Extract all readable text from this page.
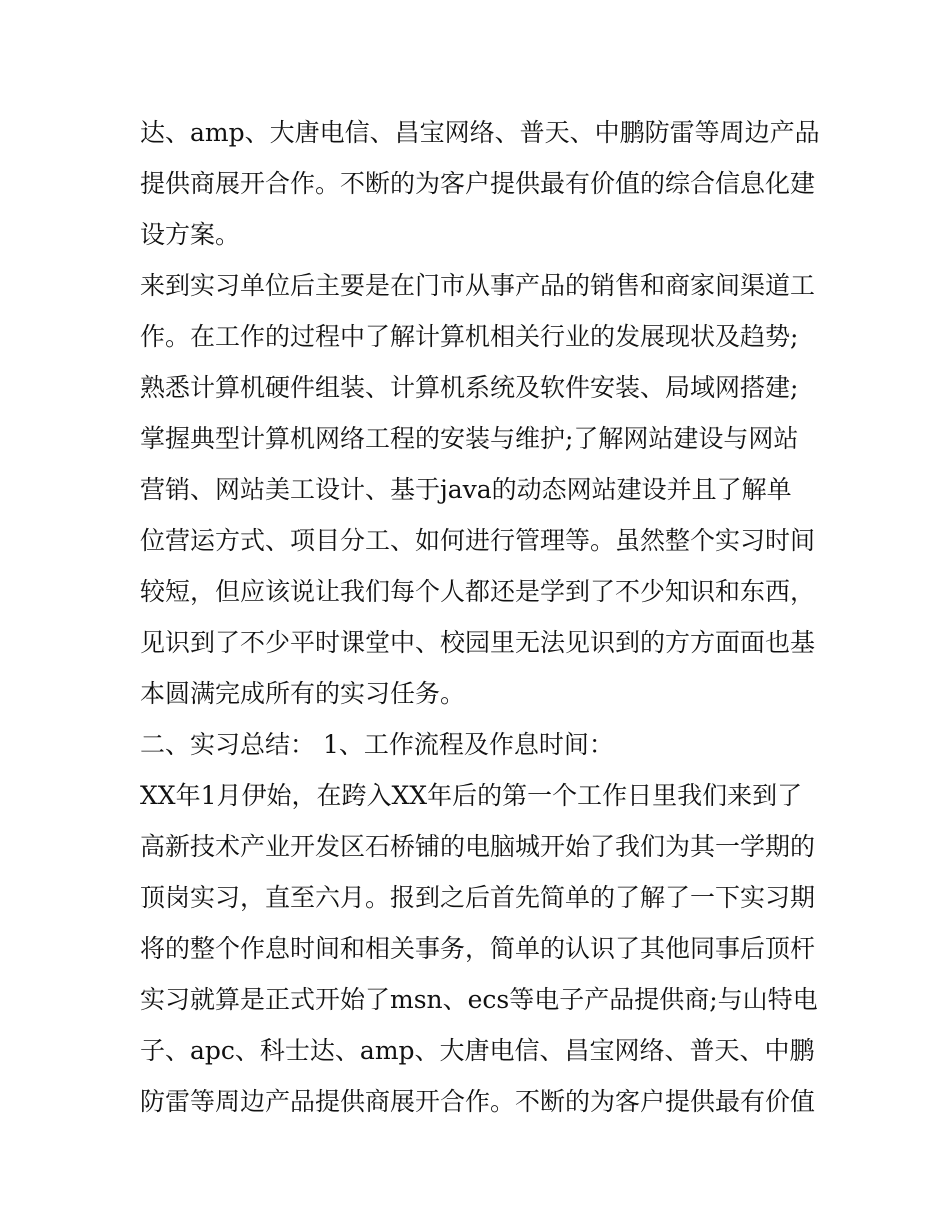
达、amp、大唐电信、昌宝网络、普天、中鹏防雷等周边产品
提供商展开合作。不断的为客户提供最有价值的综合信息化建
设方案。
来到实习单位后主要是在门市从事产品的销售和商家间渠道工
作。在工作的过程中了解计算机相关行业的发展现状及趋势;
熟悉计算机硬件组装、计算机系统及软件安装、局域网搭建;
掌握典型计算机网络工程的安装与维护;了解网站建设与网站
营销、网站美工设计、基于java的动态网站建设并且了解单
位营运方式、项目分工、如何进行管理等。虽然整个实习时间
较短，但应该说让我们每个人都还是学到了不少知识和东西，
见识到了不少平时课堂中、校园里无法见识到的方方面面也基
本圆满完成所有的实习任务。
二、实习总结： 1、工作流程及作息时间：
XX年1月伊始，在跨入XX年后的第一个工作日里我们来到了
高新技术产业开发区石桥铺的电脑城开始了我们为其一学期的
顶岗实习，直至六月。报到之后首先简单的了解了一下实习期
将的整个作息时间和相关事务，简单的认识了其他同事后顶杆
实习就算是正式开始了msn、ecs等电子产品提供商;与山特电
子、apc、科士达、amp、大唐电信、昌宝网络、普天、中鹏
防雷等周边产品提供商展开合作。不断的为客户提供最有价值
